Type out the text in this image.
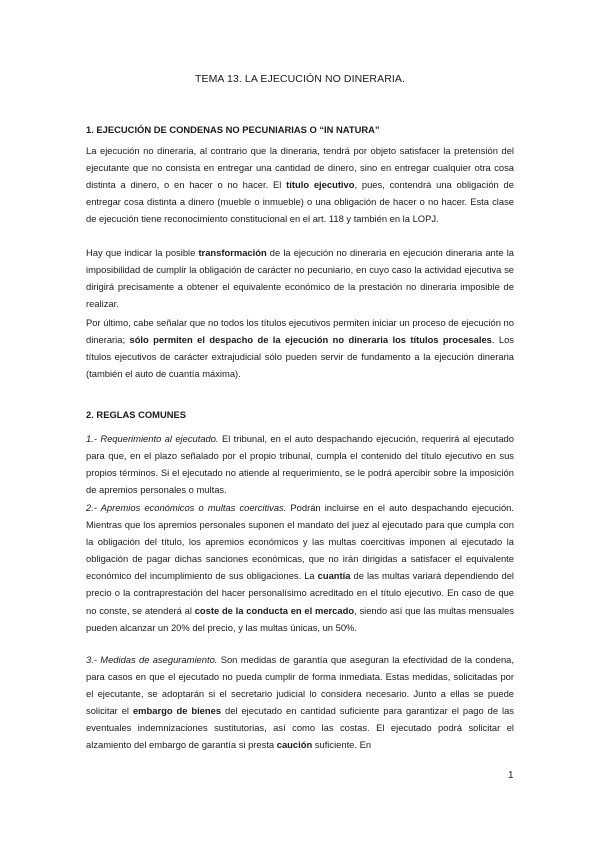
TEMA 13. LA EJECUCIÓN NO DINERARIA.
1. EJECUCIÓN DE CONDENAS NO PECUNIARIAS O “IN NATURA”
La ejecución no dineraria, al contrario que la dineraria, tendrá por objeto satisfacer la pretensión del ejecutante que no consista en entregar una cantidad de dinero, sino en entregar cualquier otra cosa distinta a dinero, o en hacer o no hacer. El título ejecutivo, pues, contendrá una obligación de entregar cosa distinta a dinero (mueble o inmueble) o una obligación de hacer o no hacer. Esta clase de ejecución tiene reconocimiento constitucional en el art. 118 y también en la LOPJ.
Hay que indicar la posible transformación de la ejecución no dineraria en ejecución dineraria ante la imposibilidad de cumplir la obligación de carácter no pecuniario, en cuyo caso la actividad ejecutiva se dirigirá precisamente a obtener el equivalente económico de la prestación no dineraria imposible de realizar.
Por último, cabe señalar que no todos los títulos ejecutivos permiten iniciar un proceso de ejecución no dineraria; sólo permiten el despacho de la ejecución no dineraria los títulos procesales. Los títulos ejecutivos de carácter extrajudicial sólo pueden servir de fundamento a la ejecución dineraria (también el auto de cuantía máxima).
2. REGLAS COMUNES
1.- Requerimiento al ejecutado. El tribunal, en el auto despachando ejecución, requerirá al ejecutado para que, en el plazo señalado por el propio tribunal, cumpla el contenido del título ejecutivo en sus propios términos. Si el ejecutado no atiende al requerimiento, se le podrá apercibir sobre la imposición de apremios personales o multas.
2.- Apremios económicos o multas coercitivas. Podrán incluirse en el auto despachando ejecución. Mientras que los apremios personales suponen el mandato del juez al ejecutado para que cumpla con la obligación del título, los apremios económicos y las multas coercitivas imponen al ejecutado la obligación de pagar dichas sanciones económicas, que no irán dirigidas a satisfacer el equivalente económico del incumplimiento de sus obligaciones. La cuantía de las multas variará dependiendo del precio o la contraprestación del hacer personalísimo acreditado en el título ejecutivo. En caso de que no conste, se atenderá al coste de la conducta en el mercado, siendo así que las multas mensuales pueden alcanzar un 20% del precio, y las multas únicas, un 50%.
3.- Medidas de aseguramiento. Son medidas de garantía que aseguran la efectividad de la condena, para casos en que el ejecutado no pueda cumplir de forma inmediata. Estas medidas, solicitadas por el ejecutante, se adoptarán si el secretario judicial lo considera necesario. Junto a ellas se puede solicitar el embargo de bienes del ejecutado en cantidad suficiente para garantizar el pago de las eventuales indemnizaciones sustitutorias, así como las costas. El ejecutado podrá solicitar el alzamiento del embargo de garantía si presta caución suficiente. En
1
